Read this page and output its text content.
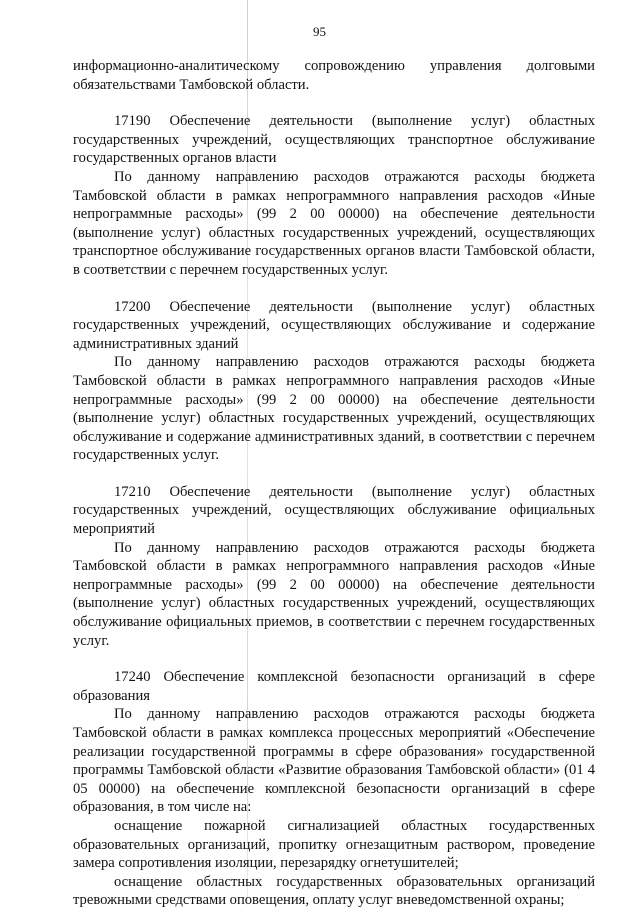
95

информационно-аналитическому сопровождению управления долговыми обязательствами Тамбовской области.

17190 Обеспечение деятельности (выполнение услуг) областных государственных учреждений, осуществляющих транспортное обслуживание государственных органов власти

По данному направлению расходов отражаются расходы бюджета Тамбовской области в рамках непрограммного направления расходов «Иные непрограммные расходы» (99 2 00 00000) на обеспечение деятельности (выполнение услуг) областных государственных учреждений, осуществляющих транспортное обслуживание государственных органов власти Тамбовской области, в соответствии с перечнем государственных услуг.

17200 Обеспечение деятельности (выполнение услуг) областных государственных учреждений, осуществляющих обслуживание и содержание административных зданий

По данному направлению расходов отражаются расходы бюджета Тамбовской области в рамках непрограммного направления расходов «Иные непрограммные расходы» (99 2 00 00000) на обеспечение деятельности (выполнение услуг) областных государственных учреждений, осуществляющих обслуживание и содержание административных зданий, в соответствии с перечнем государственных услуг.

17210 Обеспечение деятельности (выполнение услуг) областных государственных учреждений, осуществляющих обслуживание официальных мероприятий

По данному направлению расходов отражаются расходы бюджета Тамбовской области в рамках непрограммного направления расходов «Иные непрограммные расходы» (99 2 00 00000) на обеспечение деятельности (выполнение услуг) областных государственных учреждений, осуществляющих обслуживание официальных приемов, в соответствии с перечнем государственных услуг.

17240 Обеспечение комплексной безопасности организаций в сфере образования

По данному направлению расходов отражаются расходы бюджета Тамбовской области в рамках комплекса процессных мероприятий «Обеспечение реализации государственной программы в сфере образования» государственной программы Тамбовской области «Развитие образования Тамбовской области» (01 4 05 00000) на обеспечение комплексной безопасности организаций в сфере образования, в том числе на:

оснащение пожарной сигнализацией областных государственных образовательных организаций, пропитку огнезащитным раствором, проведение замера сопротивления изоляции, перезарядку огнетушителей;

оснащение областных государственных образовательных организаций тревожными средствами оповещения, оплату услуг вневедомственной охраны;
